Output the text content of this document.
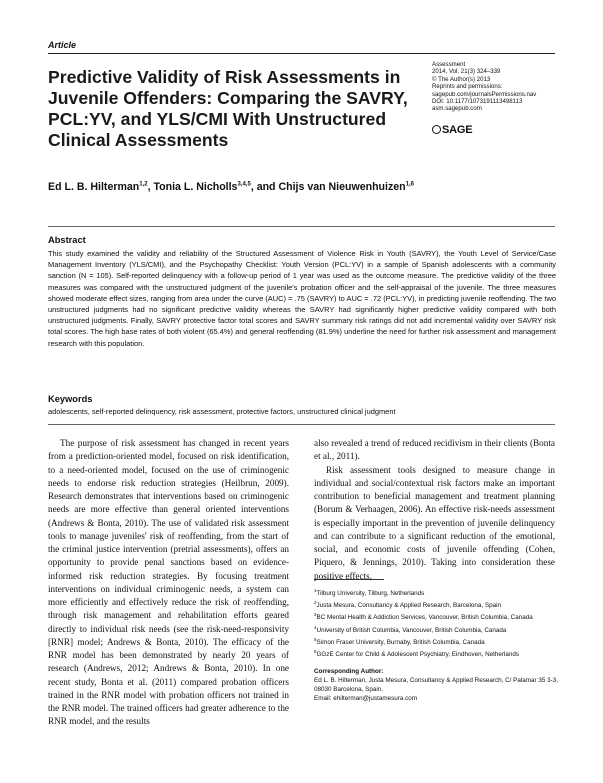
Article
Predictive Validity of Risk Assessments in Juvenile Offenders: Comparing the SAVRY, PCL:YV, and YLS/CMI With Unstructured Clinical Assessments
Assessment
2014, Vol. 21(3) 324–339
© The Author(s) 2013
Reprints and permissions:
sagepub.com/journalsPermissions.nav
DOI: 10.1177/1073191113498113
asm.sagepub.com
SAGE
Ed L. B. Hilterman$^{1,2}$, Tonia L. Nicholls$^{3,4,5}$, and Chijs van Nieuwenhuizen$^{1,6}$
Abstract
This study examined the validity and reliability of the Structured Assessment of Violence Risk in Youth (SAVRY), the Youth Level of Service/Case Management Inventory (YLS/CMI), and the Psychopathy Checklist: Youth Version (PCL:YV) in a sample of Spanish adolescents with a community sanction (N = 105). Self-reported delinquency with a follow-up period of 1 year was used as the outcome measure. The predictive validity of the three measures was compared with the unstructured judgment of the juvenile's probation officer and the self-appraisal of the juvenile. The three measures showed moderate effect sizes, ranging from area under the curve (AUC) = .75 (SAVRY) to AUC = .72 (PCL:YV), in predicting juvenile reoffending. The two unstructured judgments had no significant predictive validity whereas the SAVRY had significantly higher predictive validity compared with both unstructured judgments. Finally, SAVRY protective factor total scores and SAVRY summary risk ratings did not add incremental validity over SAVRY risk total scores. The high base rates of both violent (65.4%) and general reoffending (81.9%) underline the need for further risk assessment and management research with this population.
Keywords
adolescents, self-reported delinquency, risk assessment, protective factors, unstructured clinical judgment

The purpose of risk assessment has changed in recent years from a prediction-oriented model, focused on risk identification, to a need-oriented model, focused on the use of criminogenic needs to endorse risk reduction strategies (Heilbrun, 2009). Research demonstrates that interventions based on criminogenic needs are more effective than general oriented interventions (Andrews & Bonta, 2010). The use of validated risk assessment tools to manage juveniles' risk of reoffending, from the start of the criminal justice intervention (pretrial assessments), offers an opportunity to provide penal sanctions based on evidence-informed risk reduction strategies. By focusing treatment interventions on individual criminogenic needs, a system can more efficiently and effectively reduce the risk of reoffending, through risk management and rehabilitation efforts geared directly to individual risk needs (see the risk-need-responsivity [RNR] model; Andrews & Bonta, 2010). The efficacy of the RNR model has been demonstrated by nearly 20 years of research (Andrews, 2012; Andrews & Bonta, 2010). In one recent study, Bonta et al. (2011) compared probation officers trained in the RNR model with probation officers not trained in the RNR model. The trained officers had greater adherence to the RNR model, and the results

also revealed a trend of reduced recidivism in their clients (Bonta et al., 2011).

Risk assessment tools designed to measure change in individual and social/contextual risk factors make an important contribution to beneficial management and treatment planning (Borum & Verhaagen, 2006). An effective risk-needs assessment is especially important in the prevention of juvenile delinquency and can contribute to a significant reduction of the emotional, social, and economic costs of juvenile offending (Cohen, Piquero, & Jennings, 2010). Taking into consideration these positive effects,

$^1$Tilburg University, Tilburg, Netherlands
$^2$Justa Mesura, Consultancy & Applied Research, Barcelona, Spain
$^3$BC Mental Health & Addiction Services, Vancouver, British Columbia, Canada
$^4$University of British Columbia, Vancouver, British Columbia, Canada
$^5$Simon Fraser University, Burnaby, British Columbia, Canada
$^6$GGzE Center for Child & Adolescent Psychiatry, Eindhoven, Netherlands
Corresponding Author:
Ed L. B. Hilterman, Justa Mesura, Consultancy & Applied Research, C/ Palamar 35 3-3, 08030 Barcelona, Spain.
Email: ehilterman@justamesura.com
